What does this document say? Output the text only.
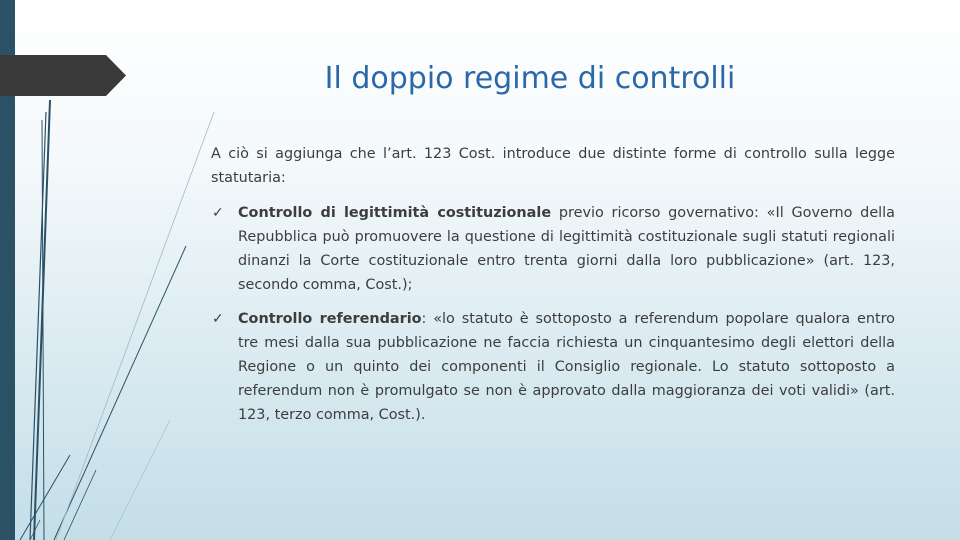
Il doppio regime di controlli

A ciò si aggiunga che l’art. 123 Cost. introduce due distinte forme di controllo sulla legge statutaria:

✓ Controllo di legittimità costituzionale previo ricorso governativo: «Il Governo della Repubblica può promuovere la questione di legittimità costituzionale sugli statuti regionali dinanzi la Corte costituzionale entro trenta giorni dalla loro pubblicazione» (art. 123, secondo comma, Cost.);
✓ Controllo referendario: «lo statuto è sottoposto a referendum popolare qualora entro tre mesi dalla sua pubblicazione ne faccia richiesta un cinquantesimo degli elettori della Regione o un quinto dei componenti il Consiglio regionale. Lo statuto sottoposto a referendum non è promulgato se non è approvato dalla maggioranza dei voti validi» (art. 123, terzo comma, Cost.).
